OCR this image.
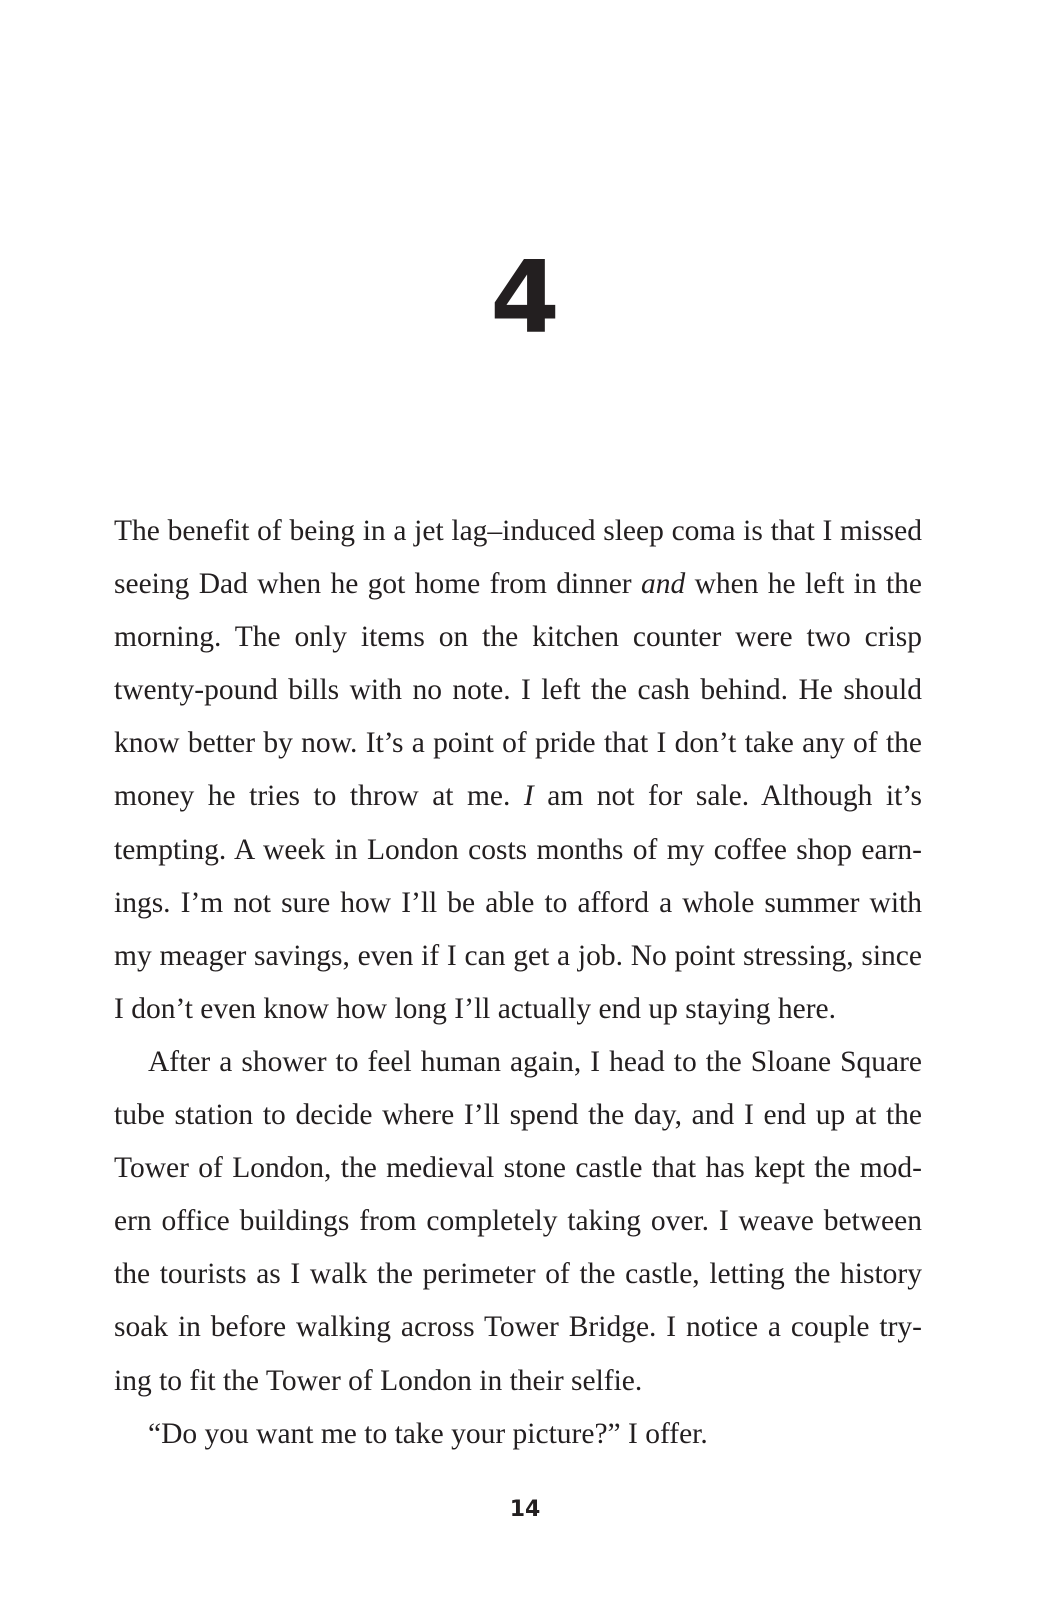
4
The benefit of being in a jet lag–induced sleep coma is that I missed
seeing Dad when he got home from dinner and when he left in the
morning. The only items on the kitchen counter were two crisp
twenty-pound bills with no note. I left the cash behind. He should
know better by now. It’s a point of pride that I don’t take any of the
money he tries to throw at me. I am not for sale. Although it’s
tempting. A week in London costs months of my coffee shop earn-
ings. I’m not sure how I’ll be able to afford a whole summer with
my meager savings, even if I can get a job. No point stressing, since
I don’t even know how long I’ll actually end up staying here.
After a shower to feel human again, I head to the Sloane Square
tube station to decide where I’ll spend the day, and I end up at the
Tower of London, the medieval stone castle that has kept the mod-
ern office buildings from completely taking over. I weave between
the tourists as I walk the perimeter of the castle, letting the history
soak in before walking across Tower Bridge. I notice a couple try-
ing to fit the Tower of London in their selfie.
“Do you want me to take your picture?” I offer.
14
